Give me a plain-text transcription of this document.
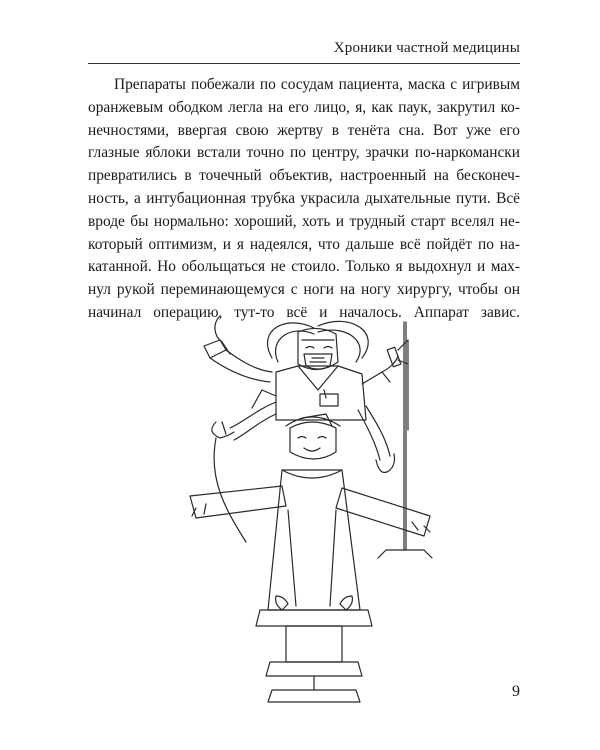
Хроники частной медицины

Препараты побежали по сосудам пациента, маска с игривым оранжевым ободком легла на его лицо, я, как паук, закрутил конечностями, ввергая свою жертву в тенёта сна. Вот уже его глазные яблоки встали точно по центру, зрачки по-наркомански превратились в точечный объектив, настроенный на бесконечность, а интубационная трубка украсила дыхательные пути. Всё вроде бы нормально: хороший, хоть и трудный старт вселял некоторый оптимизм, и я надеялся, что дальше всё пойдёт по накатанной. Но обольщаться не стоило. Только я выдохнул и махнул рукой переминающемуся с ноги на ногу хирургу, чтобы он начинал операцию, тут-то всё и началось. Аппарат завис.

9
